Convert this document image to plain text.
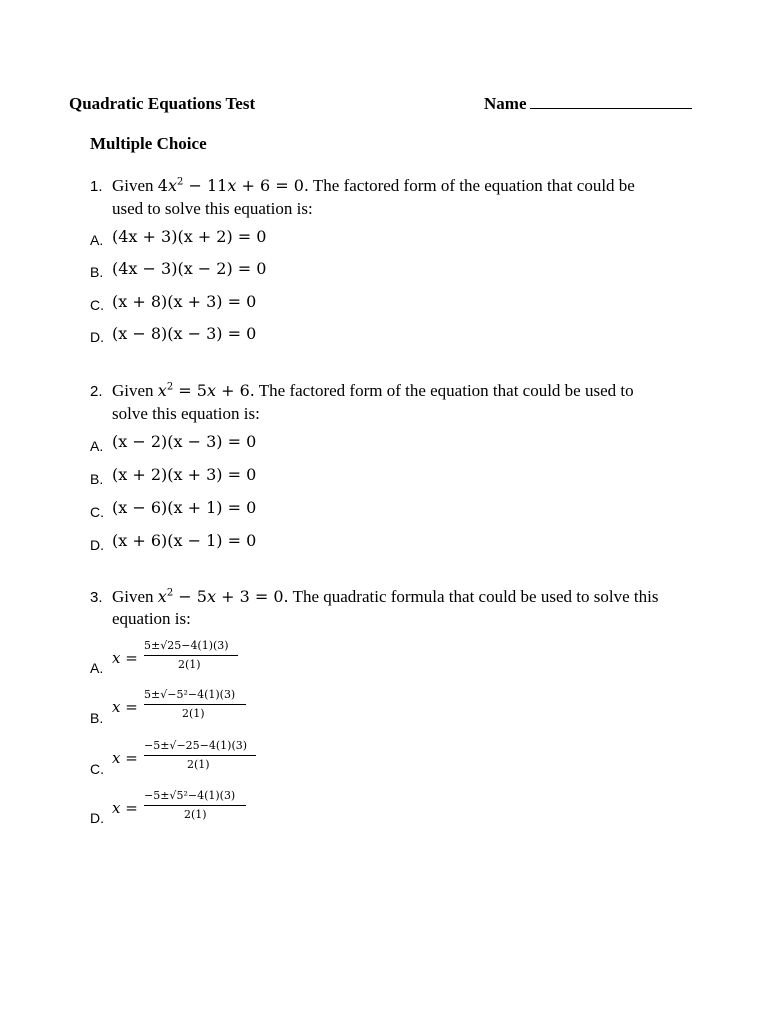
Quadratic Equations Test	Name
Multiple Choice
1. Given $4x^2 - 11x + 6 = 0$. The factored form of the equation that could be
used to solve this equation is:
A. (4x + 3)(x + 2) = 0
B. (4x − 3)(x − 2) = 0
C. (x + 8)(x + 3) = 0
D. (x − 8)(x − 3) = 0
2. Given $x^2 = 5x + 6$. The factored form of the equation that could be used to
solve this equation is:
A. (x − 2)(x − 3) = 0
B. (x + 2)(x + 3) = 0
C. (x − 6)(x + 1) = 0
D. (x + 6)(x − 1) = 0
3. Given $x^2 - 5x + 3 = 0$. The quadratic formula that could be used to solve this
equation is:
A.
x =
5±√25−4(1)(3)
2(1)
B.
x =
5±√−5²−4(1)(3)
2(1)
C.
x =
−5±√−25−4(1)(3)
2(1)
D.
x =
−5±√5²−4(1)(3)
2(1)
